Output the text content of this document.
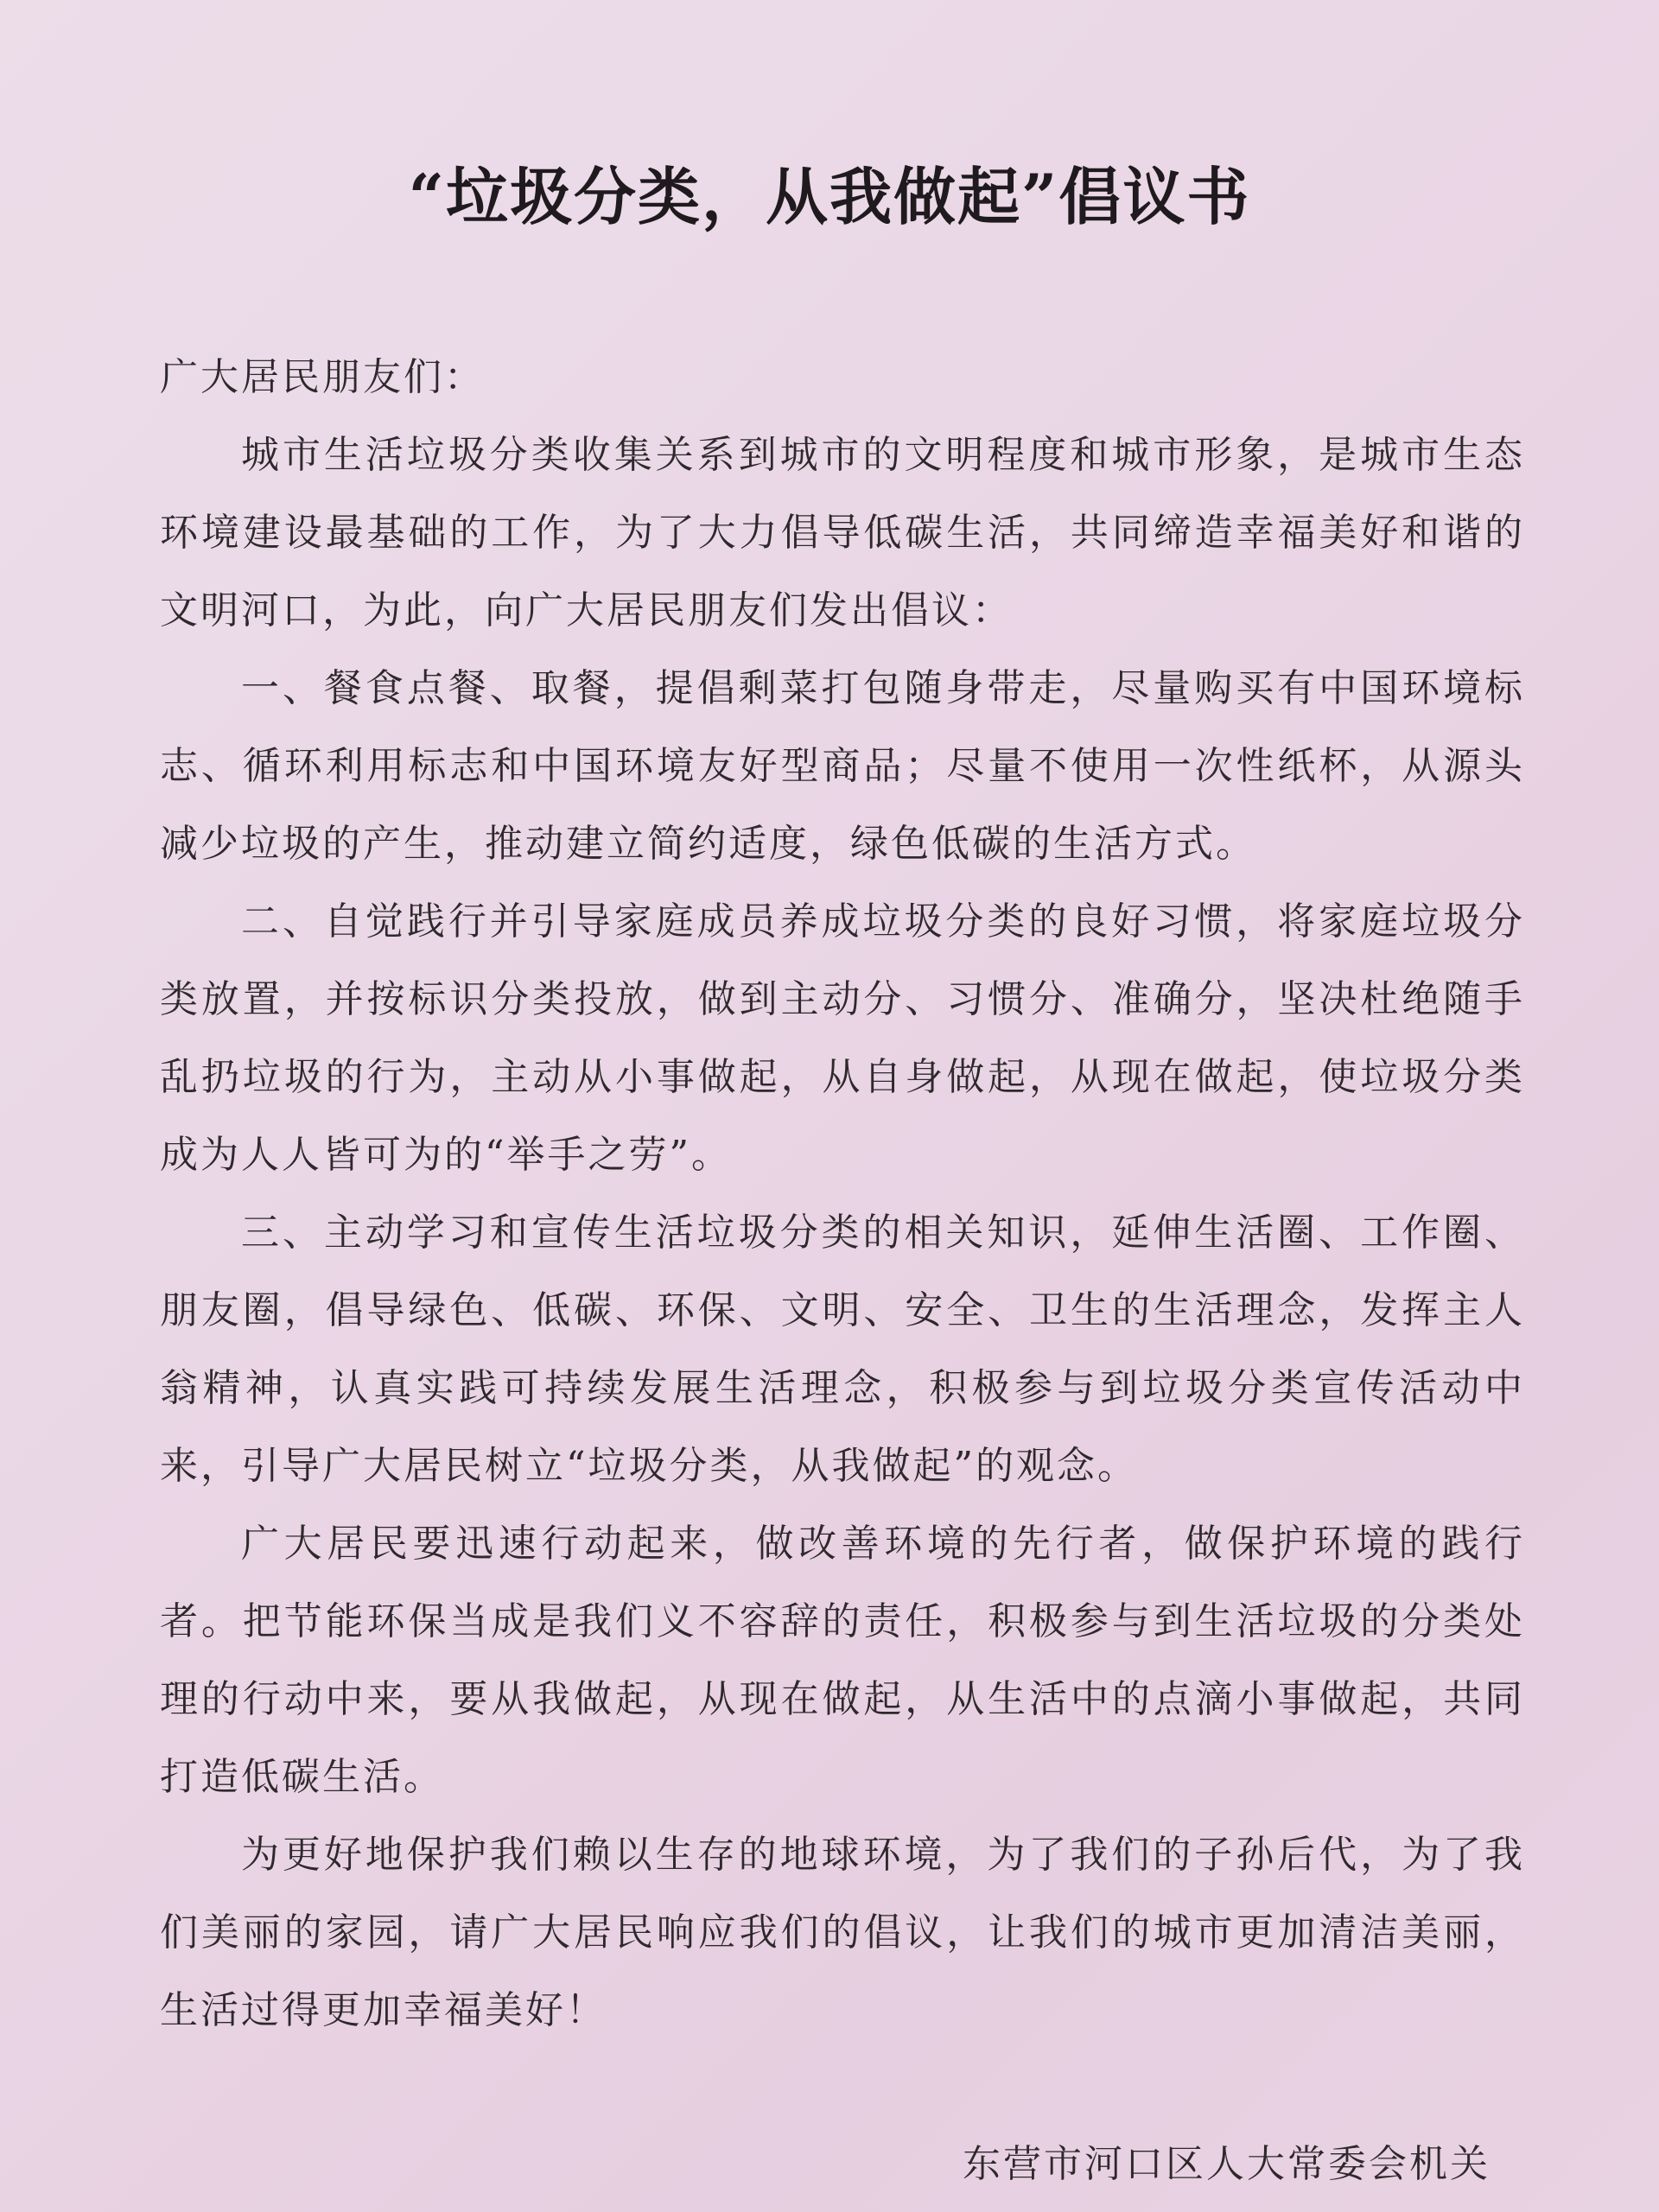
“垃圾分类，从我做起”倡议书

广大居民朋友们：

城市生活垃圾分类收集关系到城市的文明程度和城市形象，是城市生态环境建设最基础的工作，为了大力倡导低碳生活，共同缔造幸福美好和谐的文明河口，为此，向广大居民朋友们发出倡议：

一、餐食点餐、取餐，提倡剩菜打包随身带走，尽量购买有中国环境标志、循环利用标志和中国环境友好型商品；尽量不使用一次性纸杯，从源头减少垃圾的产生，推动建立简约适度，绿色低碳的生活方式。

二、自觉践行并引导家庭成员养成垃圾分类的良好习惯，将家庭垃圾分类放置，并按标识分类投放，做到主动分、习惯分、准确分，坚决杜绝随手乱扔垃圾的行为，主动从小事做起，从自身做起，从现在做起，使垃圾分类成为人人皆可为的“举手之劳”。

三、主动学习和宣传生活垃圾分类的相关知识，延伸生活圈、工作圈、朋友圈，倡导绿色、低碳、环保、文明、安全、卫生的生活理念，发挥主人翁精神，认真实践可持续发展生活理念，积极参与到垃圾分类宣传活动中来，引导广大居民树立“垃圾分类，从我做起”的观念。

广大居民要迅速行动起来，做改善环境的先行者，做保护环境的践行者。把节能环保当成是我们义不容辞的责任，积极参与到生活垃圾的分类处理的行动中来，要从我做起，从现在做起，从生活中的点滴小事做起，共同打造低碳生活。

为更好地保护我们赖以生存的地球环境，为了我们的子孙后代，为了我们美丽的家园，请广大居民响应我们的倡议，让我们的城市更加清洁美丽，生活过得更加幸福美好！

东营市河口区人大常委会机关
